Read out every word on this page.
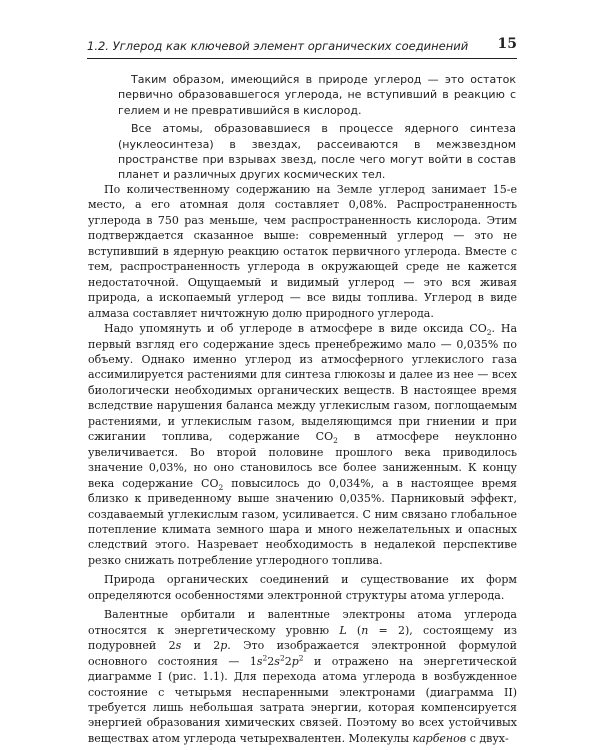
1.2. Углерод как ключевой элемент органических соединений 15

Таким образом, имеющийся в природе углерод — это остаток первично образовавшегося углерода, не вступивший в реакцию с гелием и не превратившийся в кислород.

Все атомы, образовавшиеся в процессе ядерного синтеза (нуклеосинтеза) в звездах, рассеиваются в межзвездном пространстве при взрывах звезд, после чего могут войти в состав планет и различных других космических тел.

По количественному содержанию на Земле углерод занимает 15-е место, а его атомная доля составляет 0,08%. Распространенность углерода в 750 раз меньше, чем распространенность кислорода. Этим подтверждается сказанное выше: современный углерод — это не вступивший в ядерную реакцию остаток первичного углерода. Вместе с тем, распространенность углерода в окружающей среде не кажется недостаточной. Ощущаемый и видимый углерод — это вся живая природа, а ископаемый углерод — все виды топлива. Углерод в виде алмаза составляет ничтожную долю природного углерода.

Надо упомянуть и об углероде в атмосфере в виде оксида $CO_2$. На первый взгляд его содержание здесь пренебрежимо мало — 0,035% по объему. Однако именно углерод из атмосферного углекислого газа ассимилируется растениями для синтеза глюкозы и далее из нее — всех биологически необходимых органических веществ. В настоящее время вследствие нарушения баланса между углекислым газом, поглощаемым растениями, и углекислым газом, выделяющимся при гниении и при сжигании топлива, содержание $CO_2$ в атмосфере неуклонно увеличивается. Во второй половине прошлого века приводилось значение 0,03%, но оно становилось все более заниженным. К концу века содержание $CO_2$ повысилось до 0,034%, а в настоящее время близко к приведенному выше значению 0,035%. Парниковый эффект, создаваемый углекислым газом, усиливается. С ним связано глобальное потепление климата земного шара и много нежелательных и опасных следствий этого. Назревает необходимость в недалекой перспективе резко снижать потребление углеродного топлива.

Природа органических соединений и существование их форм определяются особенностями электронной структуры атома углерода.

Валентные орбитали и валентные электроны атома углерода относятся к энергетическому уровню L (n = 2), состоящему из подуровней 2s и 2p. Это изображается электронной формулой основного состояния — $1s^22s^22p^2$ и отражено на энергетической диаграмме I (рис. 1.1). Для перехода атома углерода в возбужденное состояние с четырьмя неспаренными электронами (диаграмма II) требуется лишь небольшая затрата энергии, которая компенсируется энергией образования химических связей. Поэтому во всех устойчивых веществах атом углерода четырехвалентен. Молекулы карбенов с двух-
